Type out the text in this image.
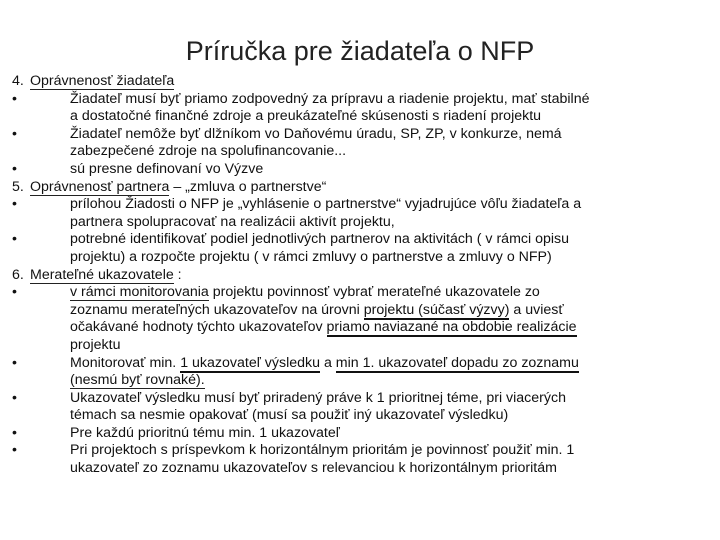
Príručka pre žiadateľa o NFP
4. Oprávnenosť žiadateľa
•	Žiadateľ musí byť priamo zodpovedný za prípravu a riadenie projektu, mať stabilné
a dostatočné finančné zdroje a preukázateľné skúsenosti s riadení projektu
•	Žiadateľ nemôže byť dlžníkom vo Daňovému úradu, SP, ZP, v konkurze, nemá
zabezpečené zdroje na spolufinancovanie...
•	sú presne definovaní vo Výzve
5. Oprávnenosť partnera – „zmluva o partnerstve“
•	prílohou Žiadosti o NFP je „vyhlásenie o partnerstve“ vyjadrujúce vôľu žiadateľa a
partnera spolupracovať na realizácii aktivít projektu,
•	potrebné identifikovať podiel jednotlivých partnerov na aktivitách ( v rámci opisu
projektu) a rozpočte projektu ( v rámci zmluvy o partnerstve a zmluvy o NFP)
6. Merateľné ukazovatele :
•	v rámci monitorovania projektu povinnosť vybrať merateľné ukazovatele zo
zoznamu merateľných ukazovateľov na úrovni projektu (súčasť výzvy) a uviesť
očakávané hodnoty týchto ukazovateľov priamo naviazané na obdobie realizácie
projektu
•	Monitorovať min. 1 ukazovateľ výsledku a min 1. ukazovateľ dopadu zo zoznamu
(nesmú byť rovnaké).
•	Ukazovateľ výsledku musí byť priradený práve k 1 prioritnej téme, pri viacerých
témach sa nesmie opakovať (musí sa použiť iný ukazovateľ výsledku)
•	Pre každú prioritnú tému min. 1 ukazovateľ
•	Pri projektoch s príspevkom k horizontálnym prioritám je povinnosť použiť min. 1
ukazovateľ zo zoznamu ukazovateľov s relevanciou k horizontálnym prioritám
